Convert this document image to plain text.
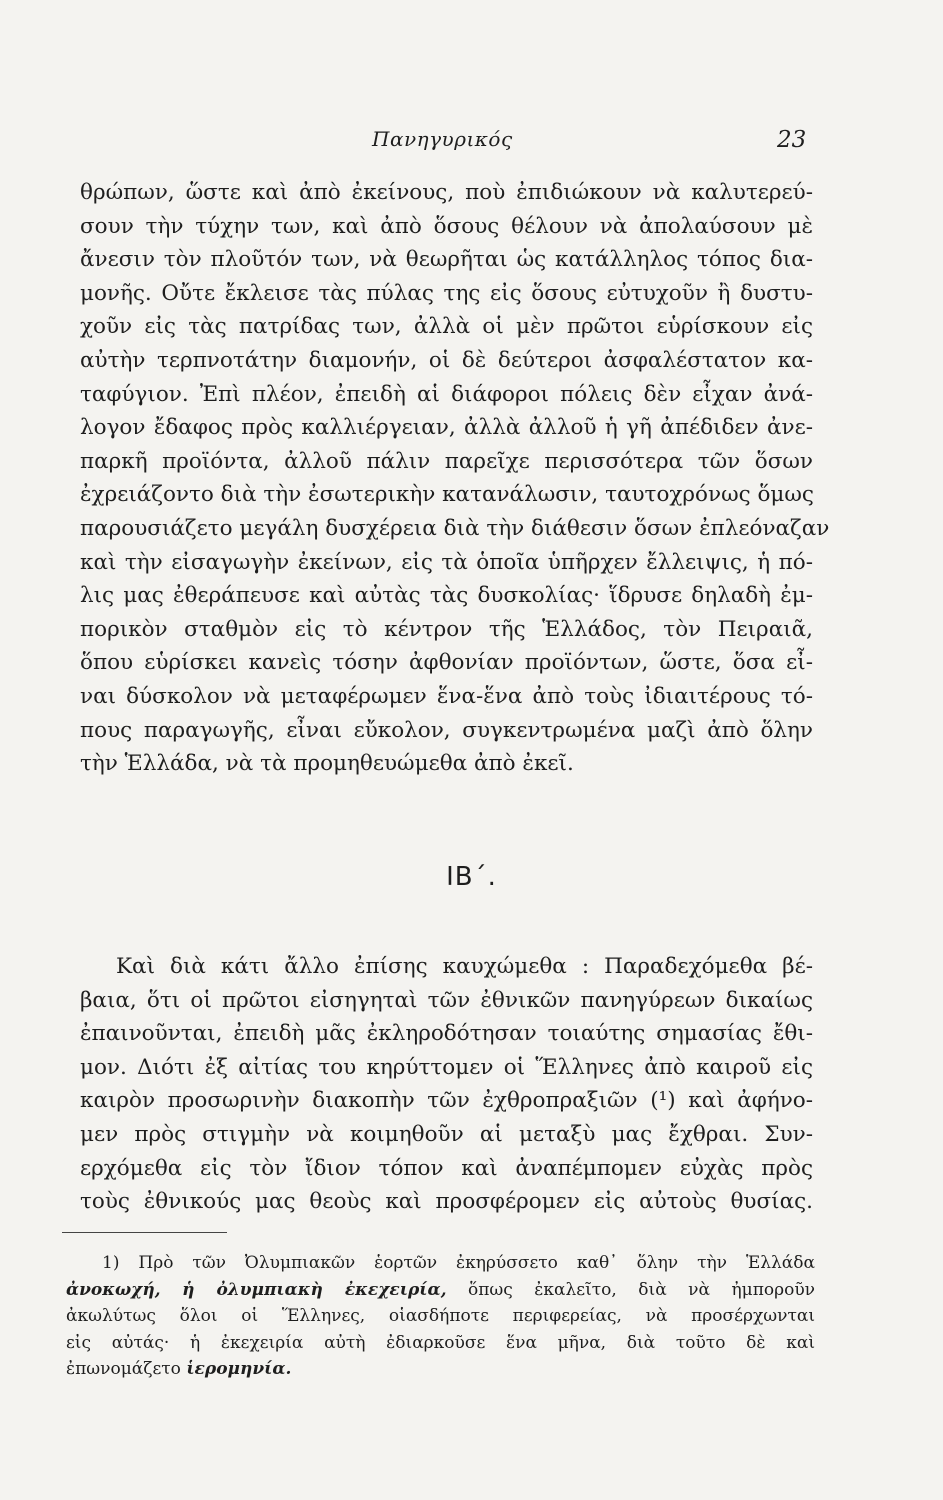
Πανηγυρικός	23
θρώπων, ὥστε καὶ ἀπὸ ἐκείνους, ποὺ ἐπιδιώκουν νὰ καλυτερεύ-
σουν τὴν τύχην των, καὶ ἀπὸ ὅσους θέλουν νὰ ἀπολαύσουν μὲ
ἄνεσιν τὸν πλοῦτόν των, νὰ θεωρῆται ὡς κατάλληλος τόπος δια-
μονῆς. Οὔτε ἔκλεισε τὰς πύλας της εἰς ὅσους εὐτυχοῦν ἢ δυστυ-
χοῦν εἰς τὰς πατρίδας των, ἀλλὰ οἱ μὲν πρῶτοι εὑρίσκουν εἰς
αὐτὴν τερπνοτάτην διαμονήν, οἱ δὲ δεύτεροι ἀσφαλέστατον κα-
ταφύγιον. Ἐπὶ πλέον, ἐπειδὴ αἱ διάφοροι πόλεις δὲν εἶχαν ἀνά-
λογον ἔδαφος πρὸς καλλιέργειαν, ἀλλὰ ἀλλοῦ ἡ γῆ ἀπέδιδεν ἀνε-
παρκῆ προϊόντα, ἀλλοῦ πάλιν παρεῖχε περισσότερα τῶν ὅσων
ἐχρειάζοντο διὰ τὴν ἐσωτερικὴν κατανάλωσιν, ταυτοχρόνως ὅμως
παρουσιάζετο μεγάλη δυσχέρεια διὰ τὴν διάθεσιν ὅσων ἐπλεόναζαν
καὶ τὴν εἰσαγωγὴν ἐκείνων, εἰς τὰ ὁποῖα ὑπῆρχεν ἔλλειψις, ἡ πό-
λις μας ἐθεράπευσε καὶ αὐτὰς τὰς δυσκολίας· ἵδρυσε δηλαδὴ ἐμ-
πορικὸν σταθμὸν εἰς τὸ κέντρον τῆς Ἑλλάδος, τὸν Πειραιᾶ,
ὅπου εὑρίσκει κανεὶς τόσην ἀφθονίαν προϊόντων, ὥστε, ὅσα εἶ-
ναι δύσκολον νὰ μεταφέρωμεν ἕνα-ἕνα ἀπὸ τοὺς ἰδιαιτέρους τό-
πους παραγωγῆς, εἶναι εὔκολον, συγκεντρωμένα μαζὶ ἀπὸ ὅλην
τὴν Ἑλλάδα, νὰ τὰ προμηθευώμεθα ἀπὸ ἐκεῖ.
ΙΒ΄.
Καὶ διὰ κάτι ἄλλο ἐπίσης καυχώμεθα : Παραδεχόμεθα βέ-
βαια, ὅτι οἱ πρῶτοι εἰσηγηταὶ τῶν ἐθνικῶν πανηγύρεων δικαίως
ἐπαινοῦνται, ἐπειδὴ μᾶς ἐκληροδότησαν τοιαύτης σημασίας ἔθι-
μον. Διότι ἐξ αἰτίας του κηρύττομεν οἱ Ἕλληνες ἀπὸ καιροῦ εἰς
καιρὸν προσωρινὴν διακοπὴν τῶν ἐχθροπραξιῶν (¹) καὶ ἀφήνο-
μεν πρὸς στιγμὴν νὰ κοιμηθοῦν αἱ μεταξὺ μας ἔχθραι. Συν-
ερχόμεθα εἰς τὸν ἴδιον τόπον καὶ ἀναπέμπομεν εὐχὰς πρὸς
τοὺς ἐθνικούς μας θεοὺς καὶ προσφέρομεν εἰς αὐτοὺς θυσίας.
1) Πρὸ τῶν Ὀλυμπιακῶν ἑορτῶν ἐκηρύσσετο καθ᾽ ὅλην τὴν Ἑλλάδα
ἀνοκωχή, ἡ ὀλυμπιακὴ ἐκεχειρία, ὅπως ἐκαλεῖτο, διὰ νὰ ἠμποροῦν
ἀκωλύτως ὅλοι οἱ Ἕλληνες, οἱασδήποτε περιφερείας, νὰ προσέρχωνται
εἰς αὐτάς· ἡ ἐκεχειρία αὐτὴ ἐδιαρκοῦσε ἕνα μῆνα, διὰ τοῦτο δὲ καὶ
ἐπωνομάζετο ἱερομηνία.
